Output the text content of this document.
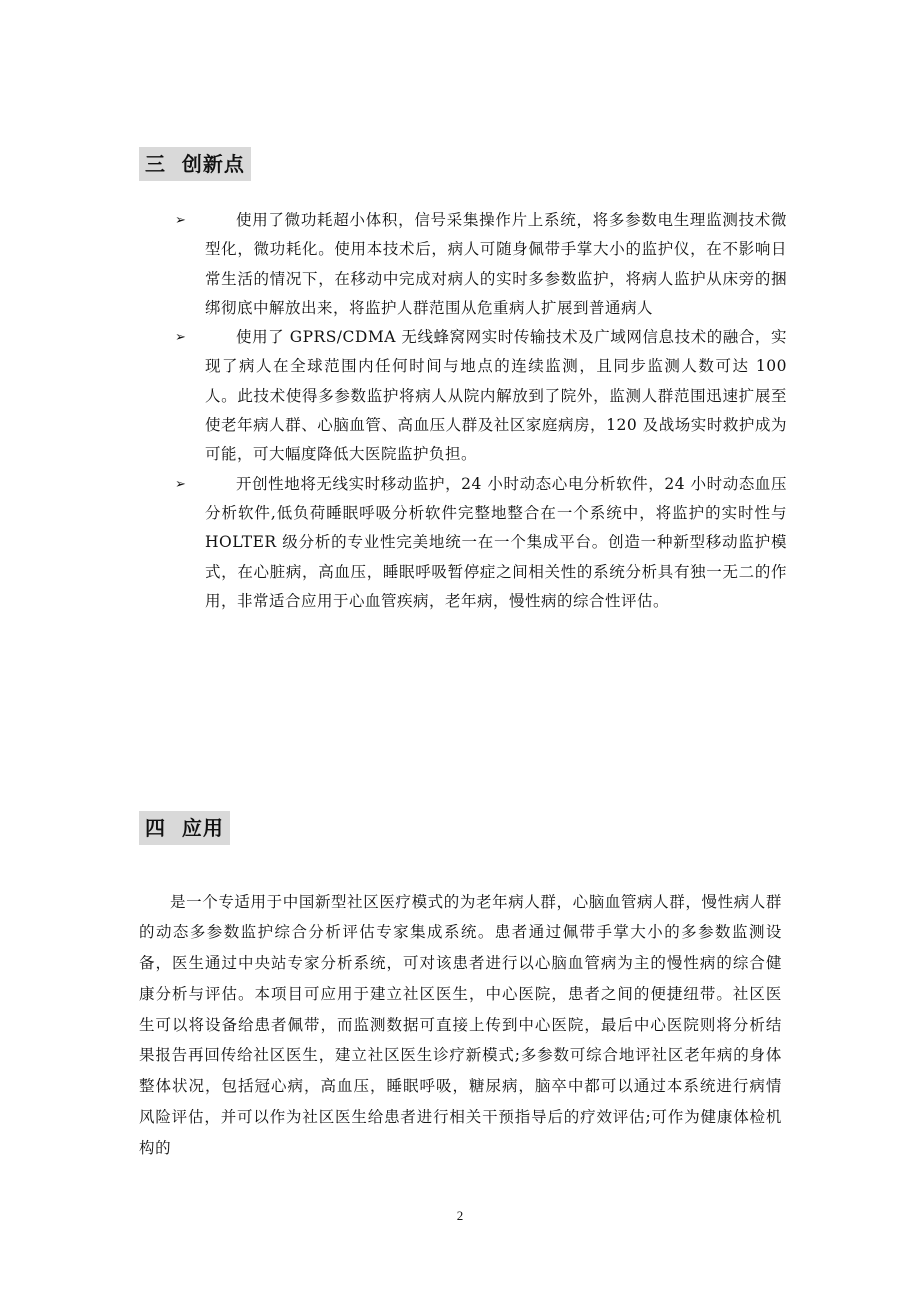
三  创新点
➢	使用了微功耗超小体积，信号采集操作片上系统，将多参数电生理监测技术微型化，微功耗化。使用本技术后，病人可随身佩带手掌大小的监护仪，在不影响日常生活的情况下，在移动中完成对病人的实时多参数监护，将病人监护从床旁的捆绑彻底中解放出来，将监护人群范围从危重病人扩展到普通病人
➢	使用了 GPRS/CDMA 无线蜂窝网实时传输技术及广域网信息技术的融合，实现了病人在全球范围内任何时间与地点的连续监测，且同步监测人数可达 100 人。此技术使得多参数监护将病人从院内解放到了院外，监测人群范围迅速扩展至使老年病人群、心脑血管、高血压人群及社区家庭病房，120 及战场实时救护成为可能，可大幅度降低大医院监护负担。
➢	开创性地将无线实时移动监护，24 小时动态心电分析软件，24 小时动态血压分析软件,低负荷睡眠呼吸分析软件完整地整合在一个系统中，将监护的实时性与 HOLTER 级分析的专业性完美地统一在一个集成平台。创造一种新型移动监护模式，在心脏病，高血压，睡眠呼吸暂停症之间相关性的系统分析具有独一无二的作用，非常适合应用于心血管疾病，老年病，慢性病的综合性评估。
四  应用

是一个专适用于中国新型社区医疗模式的为老年病人群，心脑血管病人群，慢性病人群的动态多参数监护综合分析评估专家集成系统。患者通过佩带手掌大小的多参数监测设备，医生通过中央站专家分析系统，可对该患者进行以心脑血管病为主的慢性病的综合健康分析与评估。本项目可应用于建立社区医生，中心医院，患者之间的便捷纽带。社区医生可以将设备给患者佩带，而监测数据可直接上传到中心医院，最后中心医院则将分析结果报告再回传给社区医生，建立社区医生诊疗新模式;多参数可综合地评社区老年病的身体整体状况，包括冠心病，高血压，睡眠呼吸，糖尿病，脑卒中都可以通过本系统进行病情风险评估，并可以作为社区医生给患者进行相关干预指导后的疗效评估;可作为健康体检机构的

2
